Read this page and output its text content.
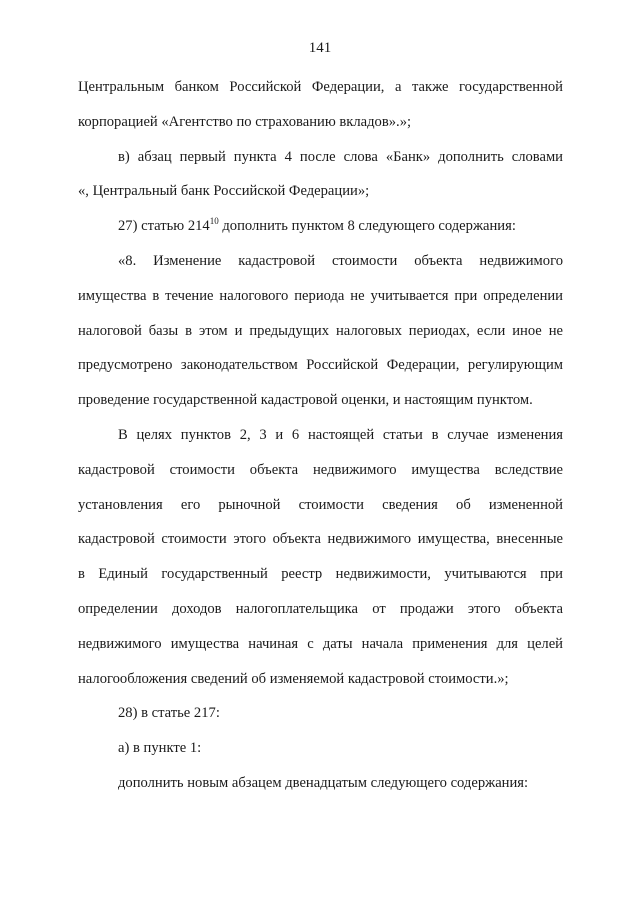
141
Центральным банком Российской Федерации, а также государственной
корпорацией «Агентство по страхованию вкладов».»;
в) абзац первый пункта 4 после слова «Банк» дополнить словами
«, Центральный банк Российской Федерации»;
27) статью $214^{10}$ дополнить пунктом 8 следующего содержания:
«8. Изменение кадастровой стоимости объекта недвижимого
имущества в течение налогового периода не учитывается при определении
налоговой базы в этом и предыдущих налоговых периодах, если иное не
предусмотрено законодательством Российской Федерации, регулирующим
проведение государственной кадастровой оценки, и настоящим пунктом.
В целях пунктов 2, 3 и 6 настоящей статьи в случае изменения
кадастровой стоимости объекта недвижимого имущества вследствие
установления его рыночной стоимости сведения об измененной
кадастровой стоимости этого объекта недвижимого имущества, внесенные
в Единый государственный реестр недвижимости, учитываются при
определении доходов налогоплательщика от продажи этого объекта
недвижимого имущества начиная с даты начала применения для целей
налогообложения сведений об изменяемой кадастровой стоимости.»;
28) в статье 217:
а) в пункте 1:
дополнить новым абзацем двенадцатым следующего содержания:
